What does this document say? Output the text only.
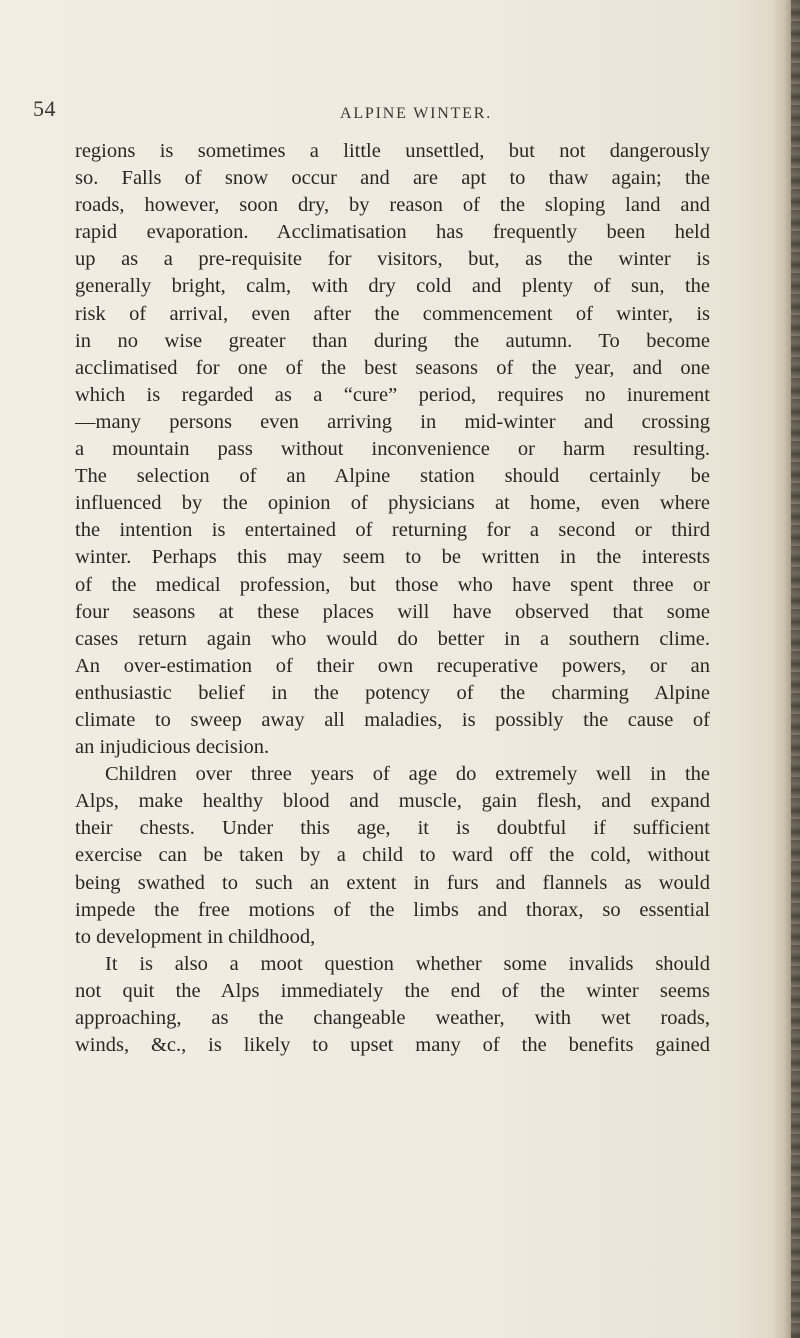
54	ALPINE WINTER.
regions is sometimes a little unsettled, but not dangerously
so. Falls of snow occur and are apt to thaw again; the
roads, however, soon dry, by reason of the sloping land and
rapid evaporation. Acclimatisation has frequently been held
up as a pre-requisite for visitors, but, as the winter is
generally bright, calm, with dry cold and plenty of sun, the
risk of arrival, even after the commencement of winter, is
in no wise greater than during the autumn. To become
acclimatised for one of the best seasons of the year, and one
which is regarded as a “cure” period, requires no inurement
—many persons even arriving in mid-winter and crossing
a mountain pass without inconvenience or harm resulting.
The selection of an Alpine station should certainly be
influenced by the opinion of physicians at home, even where
the intention is entertained of returning for a second or third
winter. Perhaps this may seem to be written in the interests
of the medical profession, but those who have spent three or
four seasons at these places will have observed that some
cases return again who would do better in a southern clime.
An over-estimation of their own recuperative powers, or an
enthusiastic belief in the potency of the charming Alpine
climate to sweep away all maladies, is possibly the cause of
an injudicious decision.
Children over three years of age do extremely well in the
Alps, make healthy blood and muscle, gain flesh, and expand
their chests. Under this age, it is doubtful if sufficient
exercise can be taken by a child to ward off the cold, without
being swathed to such an extent in furs and flannels as would
impede the free motions of the limbs and thorax, so essential
to development in childhood,
It is also a moot question whether some invalids should
not quit the Alps immediately the end of the winter seems
approaching, as the changeable weather, with wet roads,
winds, &c., is likely to upset many of the benefits gained
